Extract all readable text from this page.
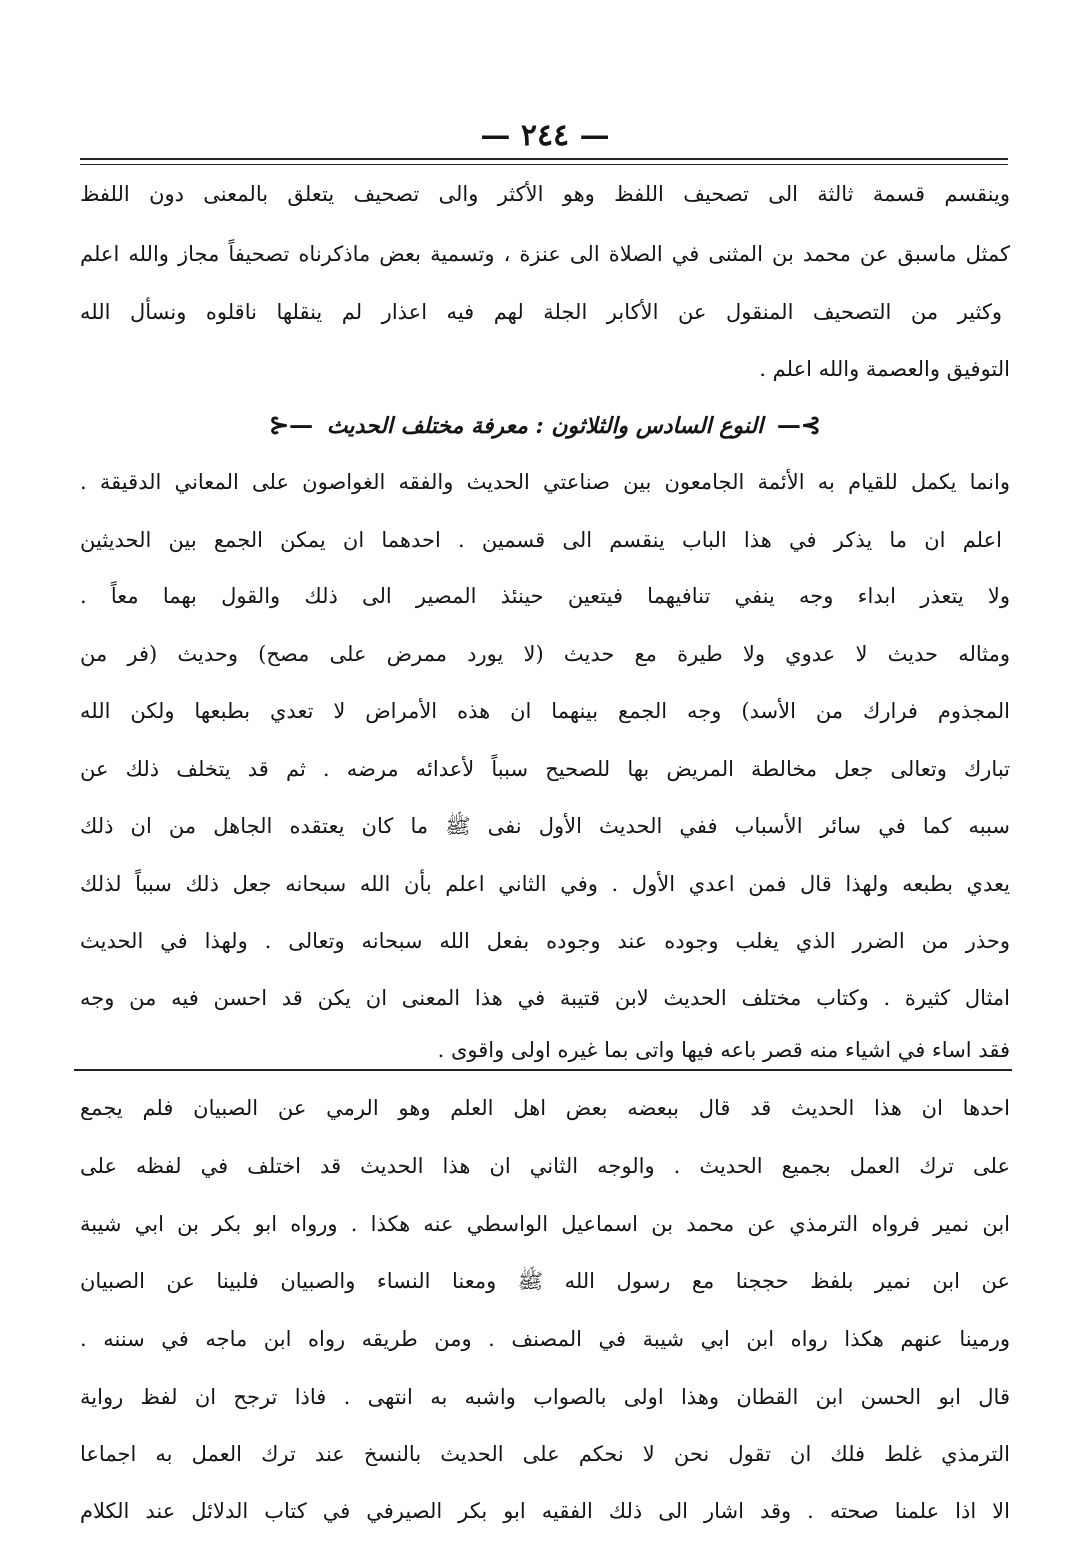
— ٢٤٤ —
وينقسم قسمة ثالثة الى تصحيف اللفظ وهو الأكثر والى تصحيف يتعلق بالمعنى دون اللفظ
كمثل ماسبق عن محمد بن المثنى في الصلاة الى عنزة ، وتسمية بعض ماذكرناه تصحيفاً مجاز والله اعلم
وكثير من التصحيف المنقول عن الأكابر الجلة لهم فيه اعذار لم ينقلها ناقلوه ونسأل الله
التوفيق والعصمة والله اعلم .
⊱— النوع السادس والثلاثون : معرفة مختلف الحديث —⊰
وانما يكمل للقيام به الأئمة الجامعون بين صناعتي الحديث والفقه الغواصون على المعاني الدقيقة .
اعلم ان ما يذكر في هذا الباب ينقسم الى قسمين . احدهما ان يمكن الجمع بين الحديثين
ولا يتعذر ابداء وجه ينفي تنافيهما فيتعين حينئذ المصير الى ذلك والقول بهما معاً .
ومثاله حديث لا عدوي ولا طيرة مع حديث (لا يورد ممرض على مصح) وحديث (فر من
المجذوم فرارك من الأسد) وجه الجمع بينهما ان هذه الأمراض لا تعدي بطبعها ولكن الله
تبارك وتعالى جعل مخالطة المريض بها للصحيح سبباً لأعدائه مرضه . ثم قد يتخلف ذلك عن
سببه كما في سائر الأسباب ففي الحديث الأول نفى ﷺ ما كان يعتقده الجاهل من ان ذلك
يعدي بطبعه ولهذا قال فمن اعدي الأول . وفي الثاني اعلم بأن الله سبحانه جعل ذلك سبباً لذلك
وحذر من الضرر الذي يغلب وجوده عند وجوده بفعل الله سبحانه وتعالى . ولهذا في الحديث
امثال كثيرة . وكتاب مختلف الحديث لابن قتيبة في هذا المعنى ان يكن قد احسن فيه من وجه
فقد اساء في اشياء منه قصر باعه فيها واتى بما غيره اولى واقوى .
احدها ان هذا الحديث قد قال ببعضه بعض اهل العلم وهو الرمي عن الصبيان فلم يجمع
على ترك العمل بجميع الحديث . والوجه الثاني ان هذا الحديث قد اختلف في لفظه على
ابن نمير فرواه الترمذي عن محمد بن اسماعيل الواسطي عنه هكذا . ورواه ابو بكر بن ابي شيبة
عن ابن نمير بلفظ حججنا مع رسول الله ﷺ ومعنا النساء والصبيان فلبينا عن الصبيان
ورمينا عنهم هكذا رواه ابن ابي شيبة في المصنف . ومن طريقه رواه ابن ماجه في سننه .
قال ابو الحسن ابن القطان وهذا اولى بالصواب واشبه به انتهى . فاذا ترجح ان لفظ رواية
الترمذي غلط فلك ان تقول نحن لا نحكم على الحديث بالنسخ عند ترك العمل به اجماعا
الا اذا علمنا صحته . وقد اشار الى ذلك الفقيه ابو بكر الصيرفي في كتاب الدلائل عند الكلام
